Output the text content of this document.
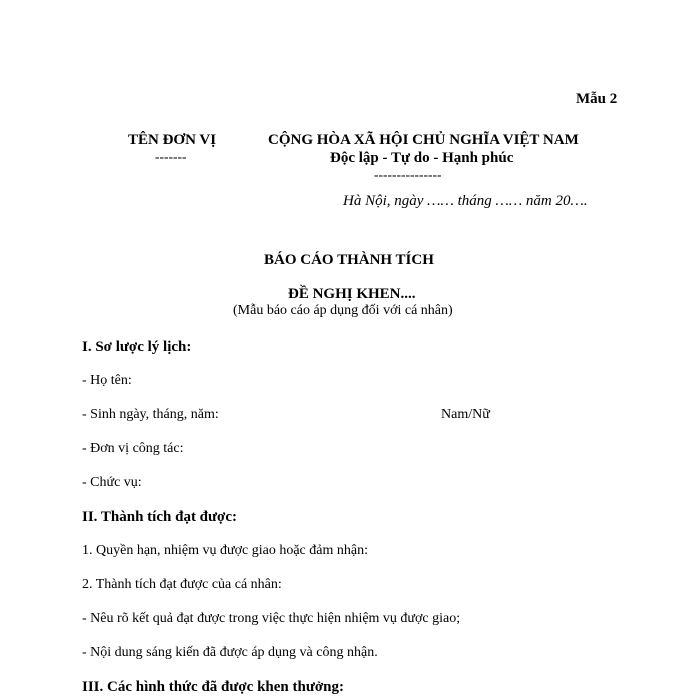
Mẫu 2
TÊN ĐƠN VỊ
-------
CỘNG HÒA XÃ HỘI CHỦ NGHĨA VIỆT NAM
Độc lập - Tự do - Hạnh phúc
---------------
Hà Nội, ngày …… tháng …… năm 20….
BÁO CÁO THÀNH TÍCH
ĐỀ NGHỊ KHEN....
(Mẫu báo cáo áp dụng đối với cá nhân)
I. Sơ lược lý lịch:
- Họ tên:
- Sinh ngày, tháng, năm:	Nam/Nữ
- Đơn vị công tác:
- Chức vụ:
II. Thành tích đạt được:
1. Quyền hạn, nhiệm vụ được giao hoặc đảm nhận:
2. Thành tích đạt được của cá nhân:
- Nêu rõ kết quả đạt được trong việc thực hiện nhiệm vụ được giao;
- Nội dung sáng kiến đã được áp dụng và công nhận.
III. Các hình thức đã được khen thưởng:
